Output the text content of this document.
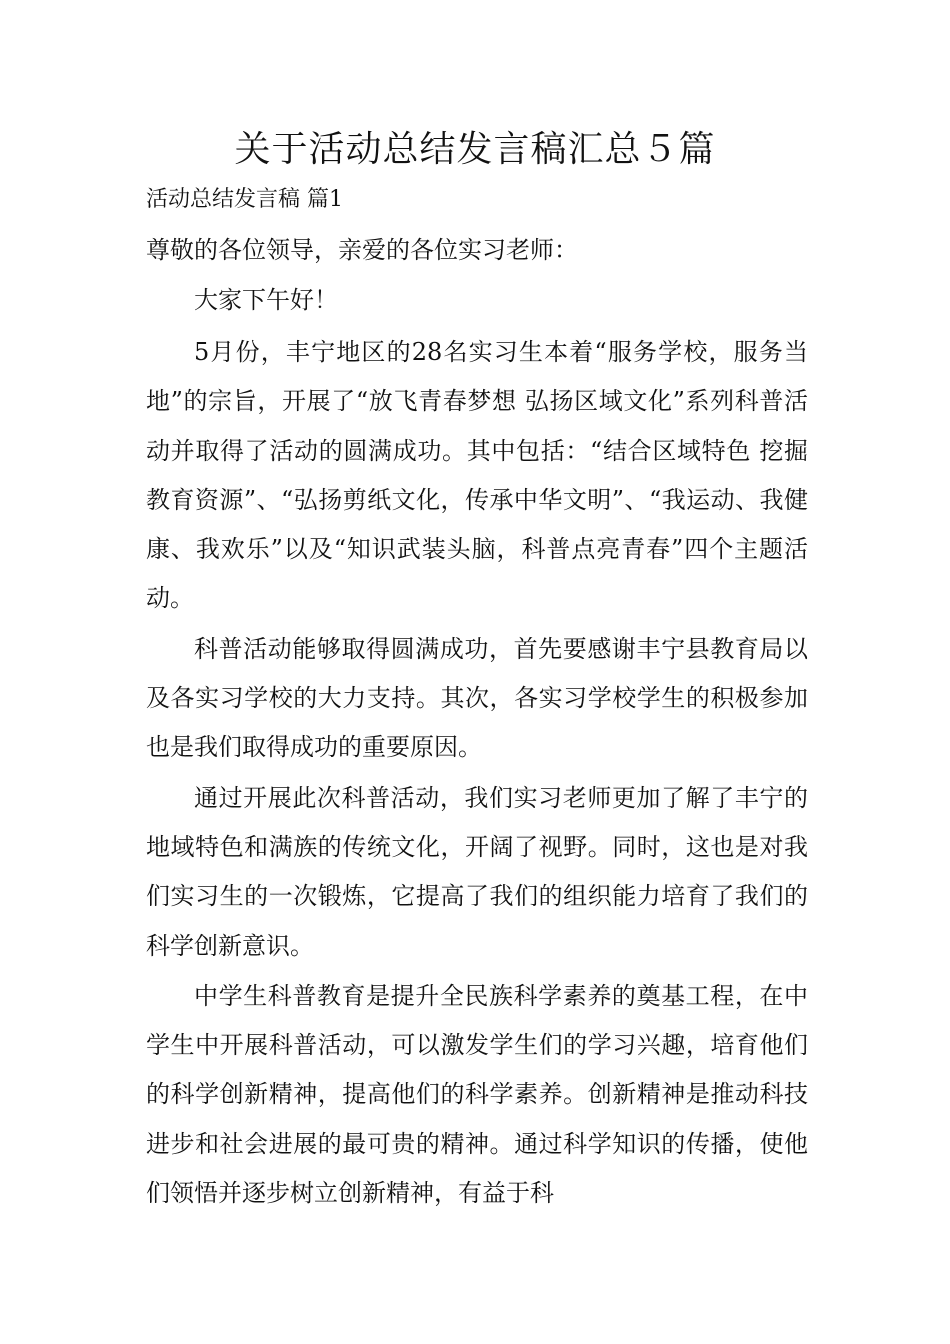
关于活动总结发言稿汇总５篇

活动总结发言稿 篇1

尊敬的各位领导，亲爱的各位实习老师：

大家下午好！

5月份，丰宁地区的28名实习生本着“服务学校，服务当地”的宗旨，开展了“放飞青春梦想 弘扬区域文化”系列科普活动并取得了活动的圆满成功。其中包括：“结合区域特色 挖掘教育资源”、“弘扬剪纸文化，传承中华文明”、“我运动、我健康、我欢乐”以及“知识武装头脑，科普点亮青春”四个主题活动。

科普活动能够取得圆满成功，首先要感谢丰宁县教育局以及各实习学校的大力支持。其次，各实习学校学生的积极参加也是我们取得成功的重要原因。

通过开展此次科普活动，我们实习老师更加了解了丰宁的地域特色和满族的传统文化，开阔了视野。同时，这也是对我们实习生的一次锻炼，它提高了我们的组织能力培育了我们的科学创新意识。

中学生科普教育是提升全民族科学素养的奠基工程，在中学生中开展科普活动，可以激发学生们的学习兴趣，培育他们的科学创新精神，提高他们的科学素养。创新精神是推动科技进步和社会进展的最可贵的精神。通过科学知识的传播，使他们领悟并逐步树立创新精神，有益于科
